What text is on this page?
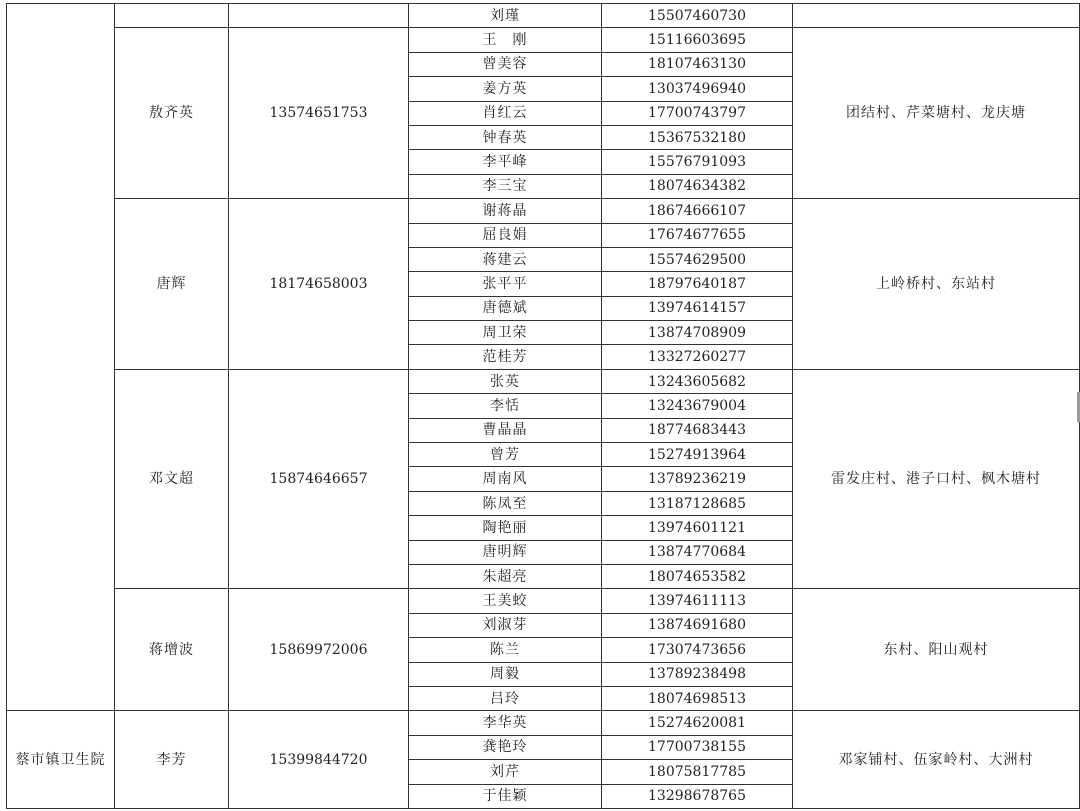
			刘瑾	15507460730	
	敖齐英	13574651753	王　刚	15116603695	团结村、芹菜塘村、龙庆塘
			曾美容	18107463130	
			姜方英	13037496940	
			肖红云	17700743797	
			钟春英	15367532180	
			李平峰	15576791093	
			李三宝	18074634382	
	唐辉	18174658003	谢蒋晶	18674666107	上岭桥村、东站村
			屈良娟	17674677655	
			蒋建云	15574629500	
			张平平	18797640187	
			唐德斌	13974614157	
			周卫荣	13874708909	
			范桂芳	13327260277	
	邓文超	15874646657	张英	13243605682	雷发庄村、港子口村、枫木塘村
			李恬	13243679004	
			曹晶晶	18774683443	
			曾芳	15274913964	
			周南风	13789236219	
			陈凤至	13187128685	
			陶艳丽	13974601121	
			唐明辉	13874770684	
			朱超亮	18074653582	
	蒋增波	15869972006	王美蛟	13974611113	东村、阳山观村
			刘淑芽	13874691680	
			陈兰	17307473656	
			周毅	13789238498	
			吕玲	18074698513	
蔡市镇卫生院	李芳	15399844720	李华英	15274620081	邓家铺村、伍家岭村、大洲村
			龚艳玲	17700738155	
			刘芹	18075817785	
			于佳颖	13298678765	
